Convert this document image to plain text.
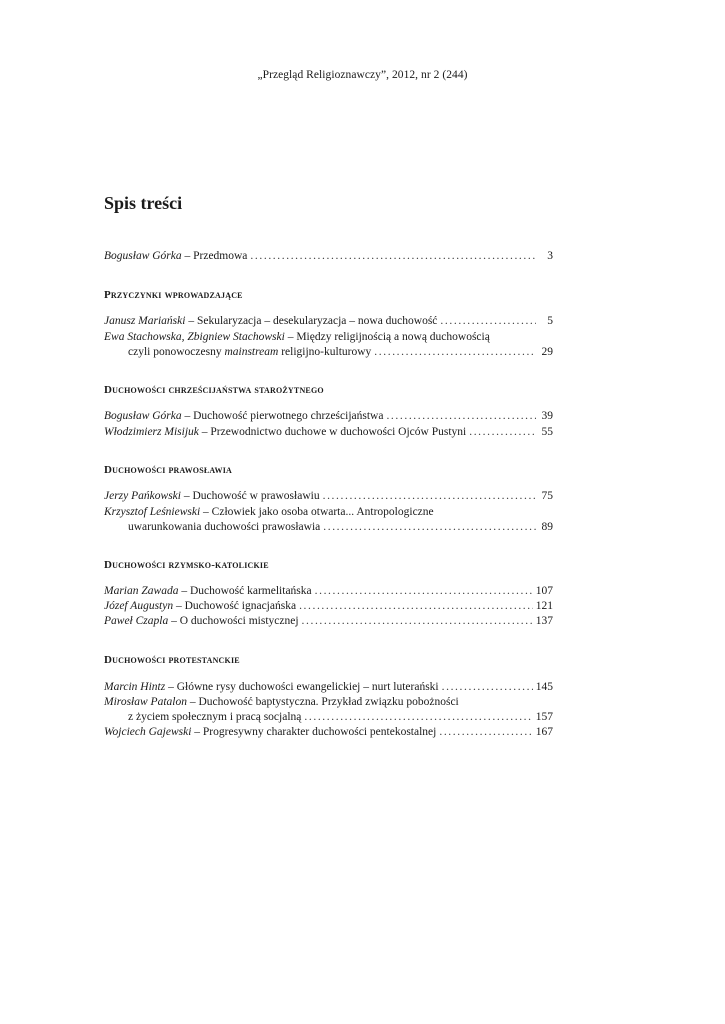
„Przegląd Religioznawczy”, 2012, nr 2 (244)
Spis treści
Bogusław Górka – Przedmowa .....	3
Przyczynki wprowadzające
Janusz Mariański – Sekularyzacja – desekularyzacja – nowa duchowość .....	5
Ewa Stachowska, Zbigniew Stachowski – Między religijnością a nową duchowością
czyli ponowoczesny mainstream religijno-kulturowy .....	29
Duchowości chrześcijaństwa starożytnego
Bogusław Górka – Duchowość pierwotnego chrześcijaństwa .....	39
Włodzimierz Misijuk – Przewodnictwo duchowe w duchowości Ojców Pustyni .....	55
Duchowości prawosławia
Jerzy Pańkowski – Duchowość w prawosławiu .....	75
Krzysztof Leśniewski – Człowiek jako osoba otwarta... Antropologiczne
uwarunkowania duchowości prawosławia .....	89
Duchowości rzymsko-katolickie
Marian Zawada – Duchowość karmelitańska .....	107
Józef Augustyn – Duchowość ignacjańska .....	121
Paweł Czapla – O duchowości mistycznej .....	137
Duchowości protestanckie
Marcin Hintz – Główne rysy duchowości ewangelickiej – nurt luterański .....	145
Mirosław Patalon – Duchowość baptystyczna. Przykład związku pobożności
z życiem społecznym i pracą socjalną .....	157
Wojciech Gajewski – Progresywny charakter duchowości pentekostalnej .....	167
